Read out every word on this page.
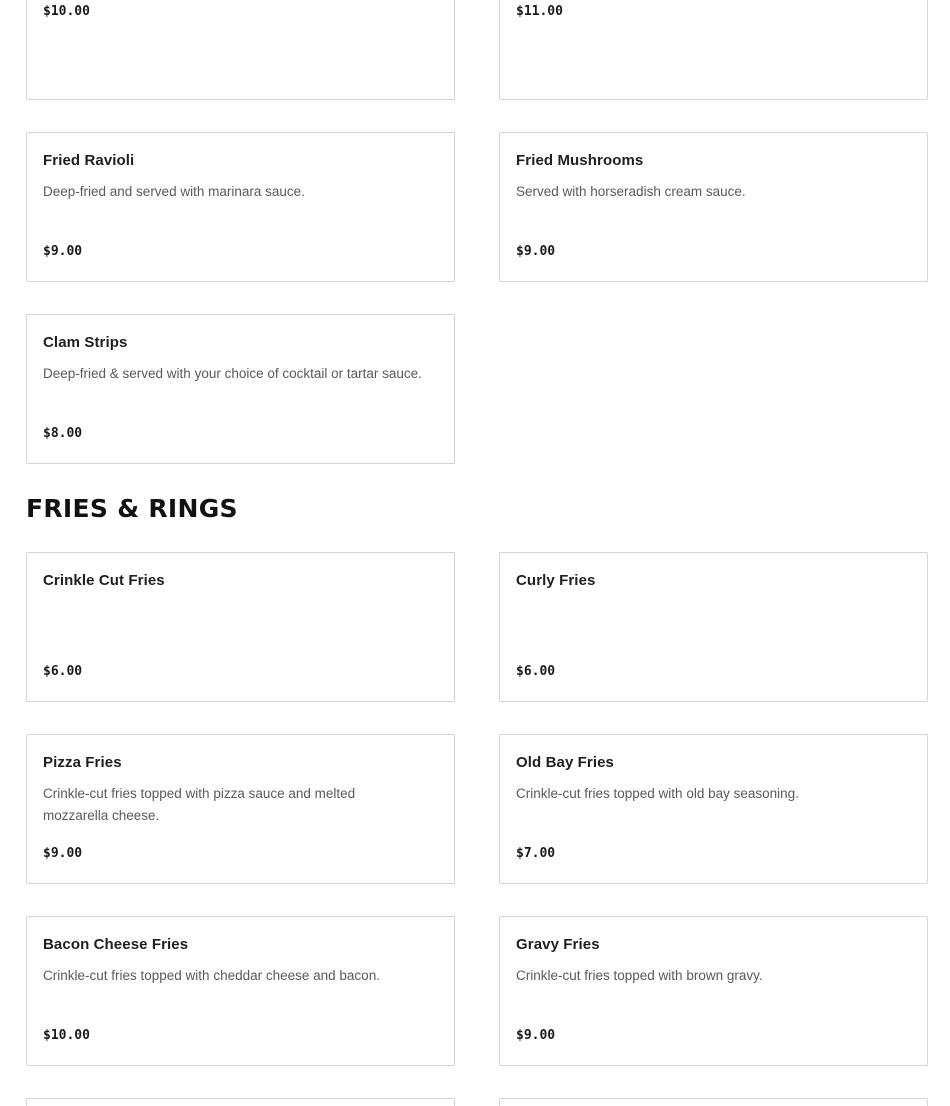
$10.00	$11.00
Fried Ravioli
Deep-fried and served with marinara sauce.
$9.00
Fried Mushrooms
Served with horseradish cream sauce.
$9.00
Clam Strips
Deep-fried & served with your choice of cocktail or tartar sauce.
$8.00
FRIES & RINGS
Crinkle Cut Fries
$6.00
Curly Fries
$6.00
Pizza Fries
Crinkle-cut fries topped with pizza sauce and melted mozzarella cheese.
$9.00
Old Bay Fries
Crinkle-cut fries topped with old bay seasoning.
$7.00
Bacon Cheese Fries
Crinkle-cut fries topped with cheddar cheese and bacon.
$10.00
Gravy Fries
Crinkle-cut fries topped with brown gravy.
$9.00
